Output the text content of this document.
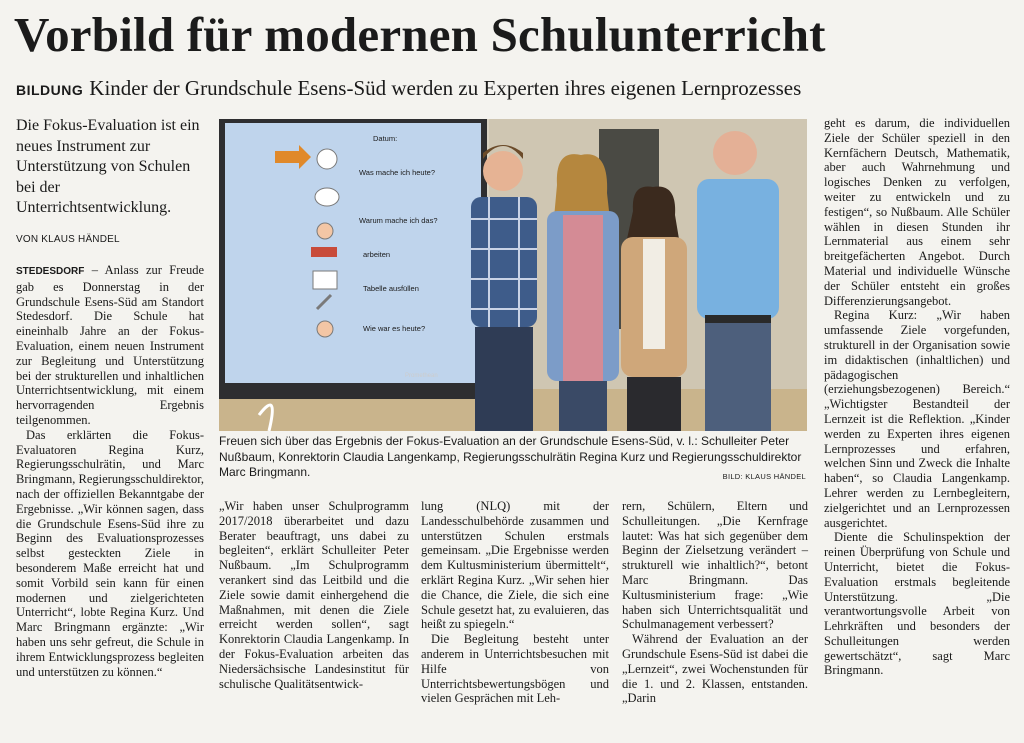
Vorbild für modernen Schulunterricht
BILDUNG Kinder der Grundschule Esens-Süd werden zu Experten ihres eigenen Lernprozesses
Die Fokus-Evaluation ist ein neues Instrument zur Unterstützung von Schulen bei der Unterrichtsentwicklung.
VON KLAUS HÄNDEL

STEDESDORF – Anlass zur Freude gab es Donnerstag in der Grundschule Esens-Süd am Standort Stedesdorf. Die Schule hat eineinhalb Jahre an der Fokus-Evaluation, einem neuen Instrument zur Begleitung und Unterstützung bei der strukturellen und inhaltlichen Unterrichtsentwicklung, mit einem hervorragenden Ergebnis teilgenommen.

Das erklärten die Fokus-Evaluatoren Regina Kurz, Regierungsschulrätin, und Marc Bringmann, Regierungsschuldirektor, nach der offiziellen Bekanntgabe der Ergebnisse. „Wir können sagen, dass die Grundschule Esens-Süd ihre zu Beginn des Evaluationsprozesses selbst gesteckten Ziele in besonderem Maße erreicht hat und somit Vorbild sein kann für einen modernen und zielgerichteten Unterricht“, lobte Regina Kurz. Und Marc Bringmann ergänzte: „Wir haben uns sehr gefreut, die Schule in ihrem Entwicklungsprozess begleiten und unterstützen zu können.“

Datum:
Was mache ich heute?
Warum mache ich das?
arbeiten
Tabelle ausfüllen
Wie war es heute?
Promethean
Freuen sich über das Ergebnis der Fokus-Evaluation an der Grundschule Esens-Süd, v. l.: Schulleiter Peter Nußbaum, Konrektorin Claudia Langenkamp, Regierungsschulrätin Regina Kurz und Regierungsschuldirektor Marc Bringmann.	BILD: KLAUS HÄNDEL

„Wir haben unser Schulprogramm 2017/2018 überarbeitet und dazu Berater beauftragt, uns dabei zu begleiten“, erklärt Schulleiter Peter Nußbaum. „Im Schulprogramm verankert sind das Leitbild und die Ziele sowie damit einhergehend die Maßnahmen, mit denen die Ziele erreicht werden sollen“, sagt Konrektorin Claudia Langenkamp. In der Fokus-Evaluation arbeiten das Niedersächsische Landesinstitut für schulische Qualitätsentwick-

lung (NLQ) mit der Landesschulbehörde zusammen und unterstützen Schulen erstmals gemeinsam. „Die Ergebnisse werden dem Kultusministerium übermittelt“, erklärt Regina Kurz. „Wir sehen hier die Chance, die Ziele, die sich eine Schule gesetzt hat, zu evaluieren, das heißt zu spiegeln.“

Die Begleitung besteht unter anderem in Unterrichtsbesuchen mit Hilfe von Unterrichtsbewertungsbögen und vielen Gesprächen mit Leh-

rern, Schülern, Eltern und Schulleitungen. „Die Kernfrage lautet: Was hat sich gegenüber dem Beginn der Zielsetzung verändert – strukturell wie inhaltlich?“, betont Marc Bringmann. Das Kultusministerium frage: „Wie haben sich Unterrichtsqualität und Schulmanagement verbessert?

Während der Evaluation an der Grundschule Esens-Süd ist dabei die „Lernzeit“, zwei Wochenstunden für die 1. und 2. Klassen, entstanden. „Darin

geht es darum, die individuellen Ziele der Schüler speziell in den Kernfächern Deutsch, Mathematik, aber auch Wahrnehmung und logisches Denken zu verfolgen, weiter zu entwickeln und zu festigen“, so Nußbaum. Alle Schüler wählen in diesen Stunden ihr Lernmaterial aus einem sehr breitgefächerten Angebot. Durch Material und individuelle Wünsche der Schüler entsteht ein großes Differenzierungsangebot.

Regina Kurz: „Wir haben umfassende Ziele vorgefunden, strukturell in der Organisation sowie im didaktischen (inhaltlichen) und pädagogischen (erziehungsbezogenen) Bereich.“ „Wichtigster Bestandteil der Lernzeit ist die Reflektion. „Kinder werden zu Experten ihres eigenen Lernprozesses und erfahren, welchen Sinn und Zweck die Inhalte haben“, so Claudia Langenkamp. Lehrer werden zu Lernbegleitern, zielgerichtet und an Lernprozessen ausgerichtet.

Diente die Schulinspektion der reinen Überprüfung von Schule und Unterricht, bietet die Fokus-Evaluation erstmals begleitende Unterstützung. „Die verantwortungsvolle Arbeit von Lehrkräften und besonders der Schulleitungen werden gewertschätzt“, sagt Marc Bringmann.
